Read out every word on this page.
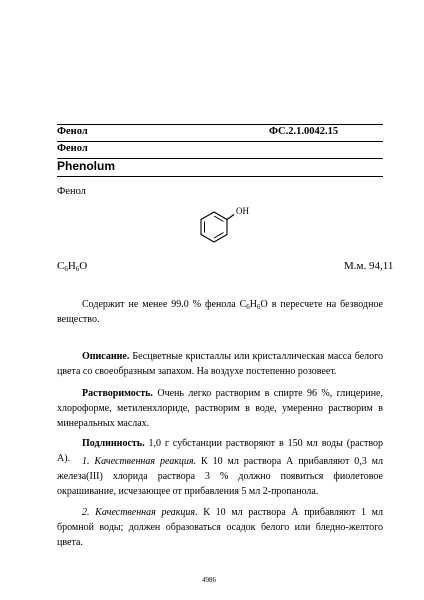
Фенол	ФС.2.1.0042.15
Фенол
Phenolum
Фенол
OH
$C_6H_6O$	М.м. 94,11
Содержит не менее 99.0 % фенола $C_6H_6O$ в пересчете на безводное вещество.
Описание. Бесцветные кристаллы или кристаллическая масса белого цвета со своеобразным запахом. На воздухе постепенно розовеет.
Растворимость. Очень легко растворим в спирте 96 %, глицерине, хлороформе, метиленхлориде, растворим в воде, умеренно растворим в минеральных маслах.
Подлинность. 1,0 г субстанции растворяют в 150 мл воды (раствор А).	1. Качественная реакция. К 10 мл раствора А прибавляют 0,3 мл железа(III) хлорида раствора 3 % должно появиться фиолетовое окрашивание, исчезающее от прибавления 5 мл 2-пропанола.
2. Качественная реакция. К 10 мл раствора А прибавляют 1 мл бромной воды; должен образоваться осадок белого или бледно-желтого цвета.
4986
